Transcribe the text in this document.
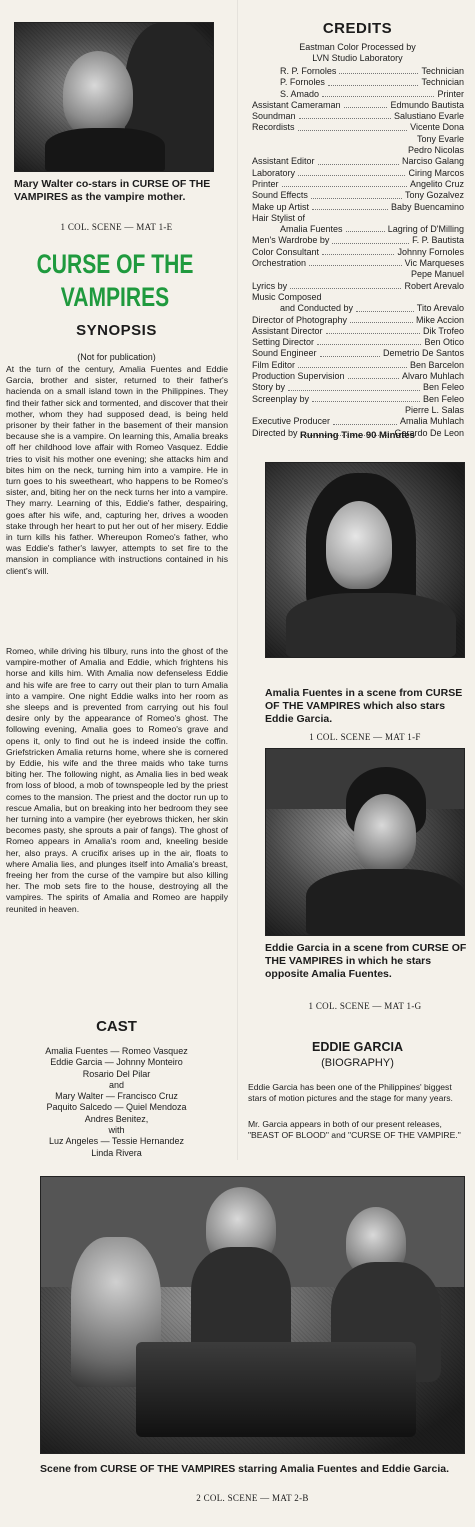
Mary Walter co-stars in CURSE OF THE VAMPIRES as the vampire mother.
1 COL. SCENE — MAT 1-E
CURSE OF THE
VAMPIRES
SYNOPSIS
(Not for publication)
At the turn of the century, Amalia Fuentes and Eddie Garcia, brother and sister, returned to their father's hacienda on a small island town in the Philippines. They find their father sick and tormented, and discover that their mother, whom they had supposed dead, is being held prisoner by their father in the basement of their mansion because she is a vampire. On learning this, Amalia breaks off her childhood love affair with Romeo Vasquez. Eddie tries to visit his mother one evening; she attacks him and bites him on the neck, turning him into a vampire. He in turn goes to his sweetheart, who happens to be Romeo's sister, and, biting her on the neck turns her into a vampire. They marry. Learning of this, Eddie's father, despairing, goes after his wife, and, capturing her, drives a wooden stake through her heart to put her out of her misery. Eddie in turn kills his father. Whereupon Romeo's father, who was Eddie's father's lawyer, attempts to set fire to the mansion in compliance with instructions contained in his client's will.
Romeo, while driving his tilbury, runs into the ghost of the vampire-mother of Amalia and Eddie, which frightens his horse and kills him. With Amalia now defenseless Eddie and his wife are free to carry out their plan to turn Amalia into a vampire. One night Eddie walks into her room as she sleeps and is prevented from carrying out his foul desire only by the appearance of Romeo's ghost. The following evening, Amalia goes to Romeo's grave and opens it, only to find out he is indeed inside the coffin. Griefstricken Amalia returns home, where she is cornered by Eddie, his wife and the three maids who take turns biting her. The following night, as Amalia lies in bed weak from loss of blood, a mob of townspeople led by the priest comes to the mansion. The priest and the doctor run up to rescue Amalia, but on breaking into her bedroom they see her turning into a vampire (her eyebrows thicken, her skin becomes pasty, she sprouts a pair of fangs). The ghost of Romeo appears in Amalia's room and, kneeling beside her, also prays. A crucifix arises up in the air, floats to where Amalia lies, and plunges itself into Amalia's breast, freeing her from the curse of the vampire but also killing her. The mob sets fire to the house, destroying all the vampires. The spirits of Amalia and Romeo are happily reunited in heaven.
CAST
Amalia Fuentes — Romeo Vasquez
Eddie Garcia — Johnny Monteiro
Rosario Del Pilar
and
Mary Walter — Francisco Cruz
Paquito Salcedo — Quiel Mendoza
Andres Benitez,
with
Luz Angeles — Tessie Hernandez
Linda Rivera
CREDITS
Eastman Color Processed by
LVN Studio Laboratory
R. P. Fornoles	Technician
P. Fornoles	Technician
S. Amado	Printer
Assistant Cameraman	Edmundo Bautista
Soundman	Salustiano Evarle
Recordists	Vicente Dona
Tony Evarle
Pedro Nicolas
Assistant Editor	Narciso Galang
Laboratory	Ciring Marcos
Printer	Angelito Cruz
Sound Effects	Tony Gozalvez
Make up Artist	Baby Buencamino
Hair Stylist of
Amalia Fuentes	Lagring of D'Milling
Men's Wardrobe by	F. P. Bautista
Color Consultant	Johnny Fornoles
Orchestration	Vic Marqueses
Pepe Manuel
Lyrics by	Robert Arevalo
Music Composed
and Conducted by	Tito Arevalo
Director of Photography	Mike Accion
Assistant Director	Dik Trofeo
Setting Director	Ben Otico
Sound Engineer	Demetrio De Santos
Film Editor	Ben Barcelon
Production Supervision	Alvaro Muhlach
Story by	Ben Feleo
Screenplay by	Ben Feleo
Pierre L. Salas
Executive Producer	Amalia Muhlach
Directed by	Gerardo De Leon
Running Time 90 Minutes
Amalia Fuentes in a scene from CURSE OF THE VAMPIRES which also stars Eddie Garcia.
1 COL. SCENE — MAT 1-F
Eddie Garcia in a scene from CURSE OF THE VAMPIRES in which he stars opposite Amalia Fuentes.
1 COL. SCENE — MAT 1-G
EDDIE GARCIA
(BIOGRAPHY)
Eddie Garcia has been one of the Philippines' biggest stars of motion pictures and the stage for many years.
Mr. Garcia appears in both of our present releases, "BEAST OF BLOOD" and "CURSE OF THE VAMPIRE."
Scene from CURSE OF THE VAMPIRES starring Amalia Fuentes and Eddie Garcia.
2 COL. SCENE — MAT 2-B
